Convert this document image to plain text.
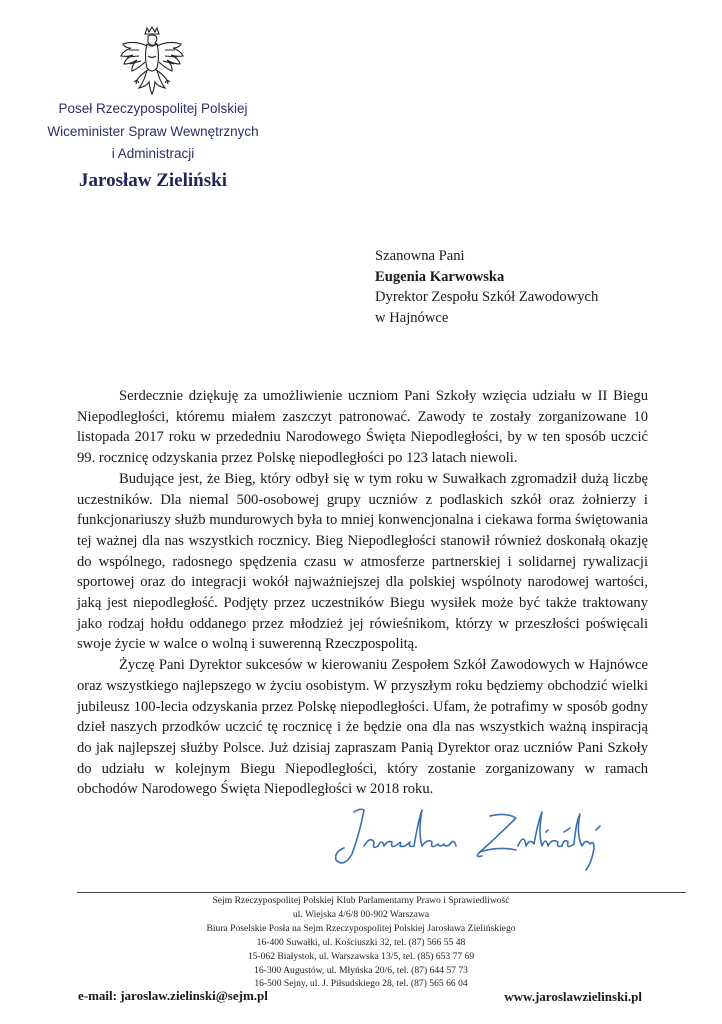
Poseł Rzeczypospolitej Polskiej
Wiceminister Spraw Wewnętrznych
i Administracji
Jarosław Zieliński
Szanowna Pani
Eugenia Karwowska
Dyrektor Zespołu Szkół Zawodowych
w Hajnówce

Serdecznie dziękuję za umożliwienie uczniom Pani Szkoły wzięcia udziału w II Biegu Niepodległości, któremu miałem zaszczyt patronować. Zawody te zostały zorganizowane 10 listopada 2017 roku w przededniu Narodowego Święta Niepodległości, by w ten sposób uczcić 99. rocznicę odzyskania przez Polskę niepodległości po 123 latach niewoli.

Budujące jest, że Bieg, który odbył się w tym roku w Suwałkach zgromadził dużą liczbę uczestników. Dla niemal 500-osobowej grupy uczniów z podlaskich szkół oraz żołnierzy i funkcjonariuszy służb mundurowych była to mniej konwencjonalna i ciekawa forma świętowania tej ważnej dla nas wszystkich rocznicy. Bieg Niepodległości stanowił również doskonałą okazję do wspólnego, radosnego spędzenia czasu w atmosferze partnerskiej i solidarnej rywalizacji sportowej oraz do integracji wokół najważniejszej dla polskiej wspólnoty narodowej wartości, jaką jest niepodległość. Podjęty przez uczestników Biegu wysiłek może być także traktowany jako rodzaj hołdu oddanego przez młodzież jej rówieśnikom, którzy w przeszłości poświęcali swoje życie w walce o wolną i suwerenną Rzeczpospolitą.

Życzę Pani Dyrektor sukcesów w kierowaniu Zespołem Szkół Zawodowych w Hajnówce oraz wszystkiego najlepszego w życiu osobistym. W przyszłym roku będziemy obchodzić wielki jubileusz 100-lecia odzyskania przez Polskę niepodległości. Ufam, że potrafimy w sposób godny dzieł naszych przodków uczcić tę rocznicę i że będzie ona dla nas wszystkich ważną inspiracją do jak najlepszej służby Polsce. Już dzisiaj zapraszam Panią Dyrektor oraz uczniów Pani Szkoły do udziału w kolejnym Biegu Niepodległości, który zostanie zorganizowany w ramach obchodów Narodowego Święta Niepodległości w 2018 roku.

Sejm Rzeczypospolitej Polskiej Klub Parlamentarny Prawo i Sprawiedliwość
ul. Wiejska 4/6/8 00-902 Warszawa
Biura Poselskie Posła na Sejm Rzeczypospolitej Polskiej Jarosława Zielińskiego
16-400 Suwałki, ul. Kościuszki 32, tel. (87) 566 55 48
15-062 Białystok, ul. Warszawska 13/5, tel. (85) 653 77 69
16-300 Augustów, ul. Młyńska 20/6, tel. (87) 644 57 73
16-500 Sejny, ul. J. Piłsudskiego 28, tel. (87) 565 66 04
e-mail: jaroslaw.zielinski@sejm.pl	www.jaroslawzielinski.pl
